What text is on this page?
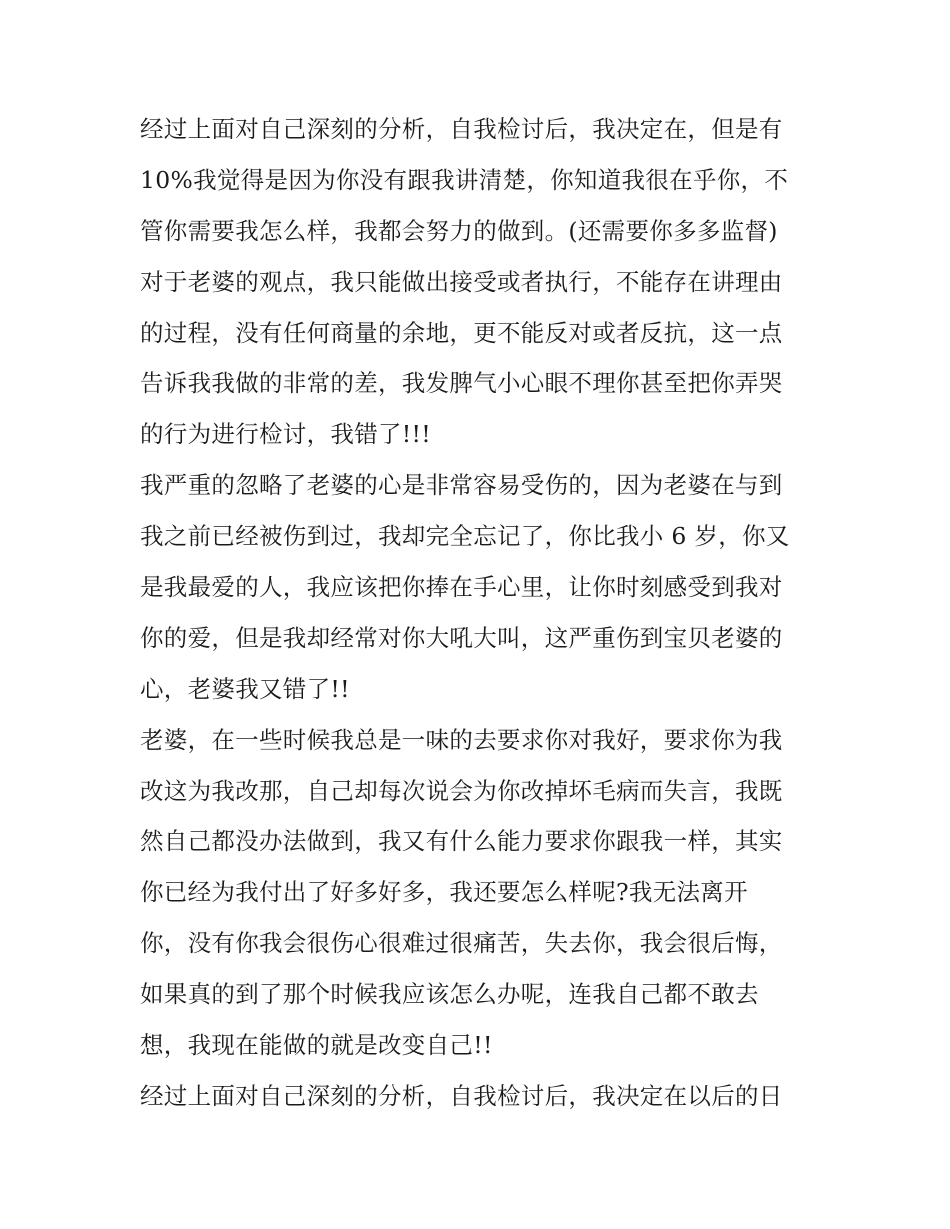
经过上面对自己深刻的分析，自我检讨后，我决定在，但是有
10%我觉得是因为你没有跟我讲清楚，你知道我很在乎你，不
管你需要我怎么样，我都会努力的做到。(还需要你多多监督)
对于老婆的观点，我只能做出接受或者执行，不能存在讲理由
的过程，没有任何商量的余地，更不能反对或者反抗，这一点
告诉我我做的非常的差，我发脾气小心眼不理你甚至把你弄哭
的行为进行检讨，我错了!!!
我严重的忽略了老婆的心是非常容易受伤的，因为老婆在与到
我之前已经被伤到过，我却完全忘记了，你比我小 6 岁，你又
是我最爱的人，我应该把你捧在手心里，让你时刻感受到我对
你的爱，但是我却经常对你大吼大叫，这严重伤到宝贝老婆的
心，老婆我又错了!!
老婆，在一些时候我总是一味的去要求你对我好，要求你为我
改这为我改那，自己却每次说会为你改掉坏毛病而失言，我既
然自己都没办法做到，我又有什么能力要求你跟我一样，其实
你已经为我付出了好多好多，我还要怎么样呢?我无法离开
你，没有你我会很伤心很难过很痛苦，失去你，我会很后悔，
如果真的到了那个时候我应该怎么办呢，连我自己都不敢去
想，我现在能做的就是改变自己!!
经过上面对自己深刻的分析，自我检讨后，我决定在以后的日
